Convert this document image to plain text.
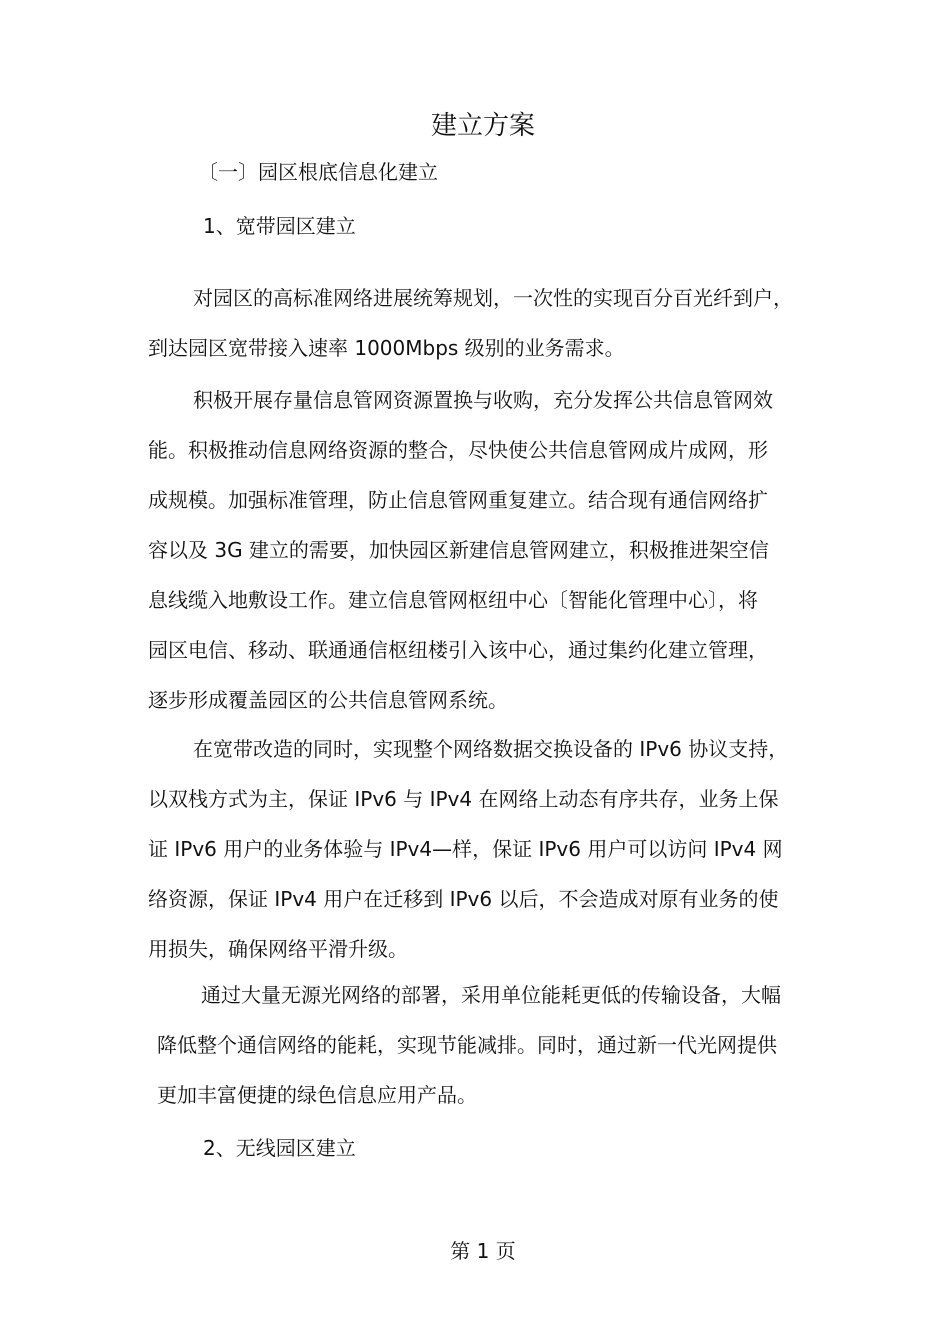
建立方案
〔一〕园区根底信息化建立
1、宽带园区建立
对园区的高标准网络进展统筹规划，一次性的实现百分百光纤到户，
到达园区宽带接入速率 1000Mbps 级别的业务需求。
积极开展存量信息管网资源置换与收购，充分发挥公共信息管网效
能。积极推动信息网络资源的整合，尽快使公共信息管网成片成网，形
成规模。加强标准管理，防止信息管网重复建立。结合现有通信网络扩
容以及 3G 建立的需要，加快园区新建信息管网建立，积极推进架空信
息线缆入地敷设工作。建立信息管网枢纽中心〔智能化管理中心〕，将
园区电信、移动、联通通信枢纽楼引入该中心，通过集约化建立管理，
逐步形成覆盖园区的公共信息管网系统。
在宽带改造的同时，实现整个网络数据交换设备的 IPv6 协议支持，
以双栈方式为主，保证 IPv6 与 IPv4 在网络上动态有序共存，业务上保
证 IPv6 用户的业务体验与 IPv4—样，保证 IPv6 用户可以访问 IPv4 网
络资源，保证 IPv4 用户在迁移到 IPv6 以后，不会造成对原有业务的使
用损失，确保网络平滑升级。
通过大量无源光网络的部署，采用单位能耗更低的传输设备，大幅
降低整个通信网络的能耗，实现节能减排。同时，通过新一代光网提供
更加丰富便捷的绿色信息应用产品。
2、无线园区建立
第 1 页
